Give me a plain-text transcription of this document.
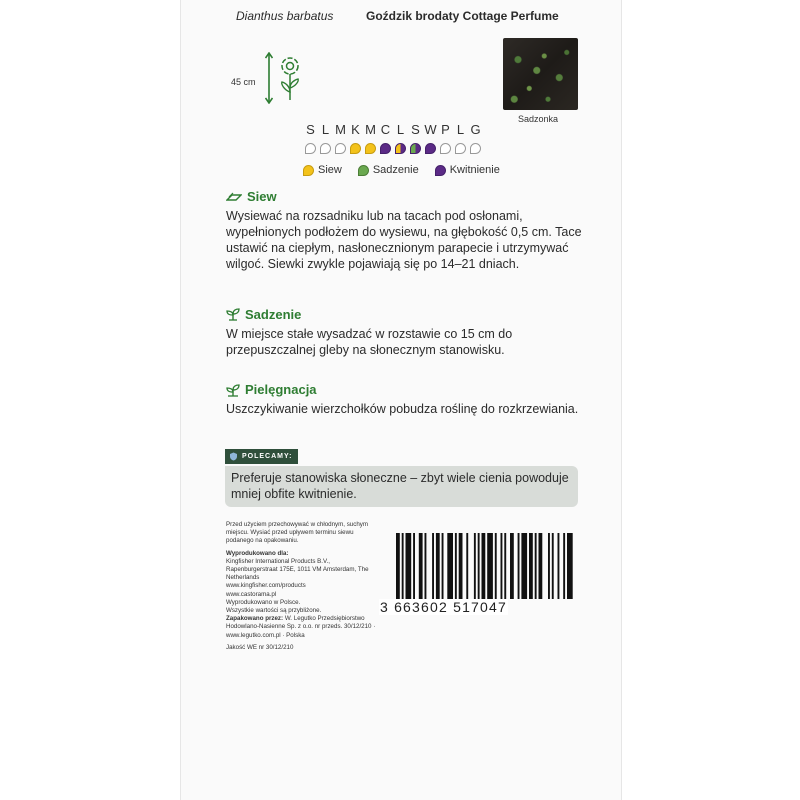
Dianthus barbatus	Goździk brodaty Cottage Perfume
45 cm
Sadzonka
S L M K M C L S W P L G
Siew	Sadzenie	Kwitnienie
Siew
Wysiewać na rozsadniku lub na tacach pod osłonami, wypełnionych podłożem do wysiewu, na głębokość 0,5 cm. Tace ustawić na ciepłym, nasłonecznionym parapecie i utrzymywać wilgoć. Siewki zwykle pojawiają się po 14–21 dniach.
Sadzenie
W miejsce stałe wysadzać w rozstawie co 15 cm do przepuszczalnej gleby na słonecznym stanowisku.
Pielęgnacja
Uszczykiwanie wierzchołków pobudza roślinę do rozkrzewiania.
POLECAMY:
Preferuje stanowiska słoneczne – zbyt wiele cienia powoduje mniej obfite kwitnienie.
Przed użyciem przechowywać w chłodnym, suchym miejscu. Wysiać przed upływem terminu siewu podanego na opakowaniu.
Wyprodukowano dla:
Kingfisher International Products B.V., Rapenburgerstraat 175E, 1011 VM Amsterdam, The Netherlands
www.kingfisher.com/products
www.castorama.pl
Wyprodukowano w Polsce.
Wszystkie wartości są przybliżone.
Zapakowano przez: W. Legutko Przedsiębiorstwo Hodowlano-Nasienne Sp. z o.o. nr przeds. 30/12/210 · www.legutko.com.pl · Polska
Jakość WE nr 30/12/210
3 663602 517047
